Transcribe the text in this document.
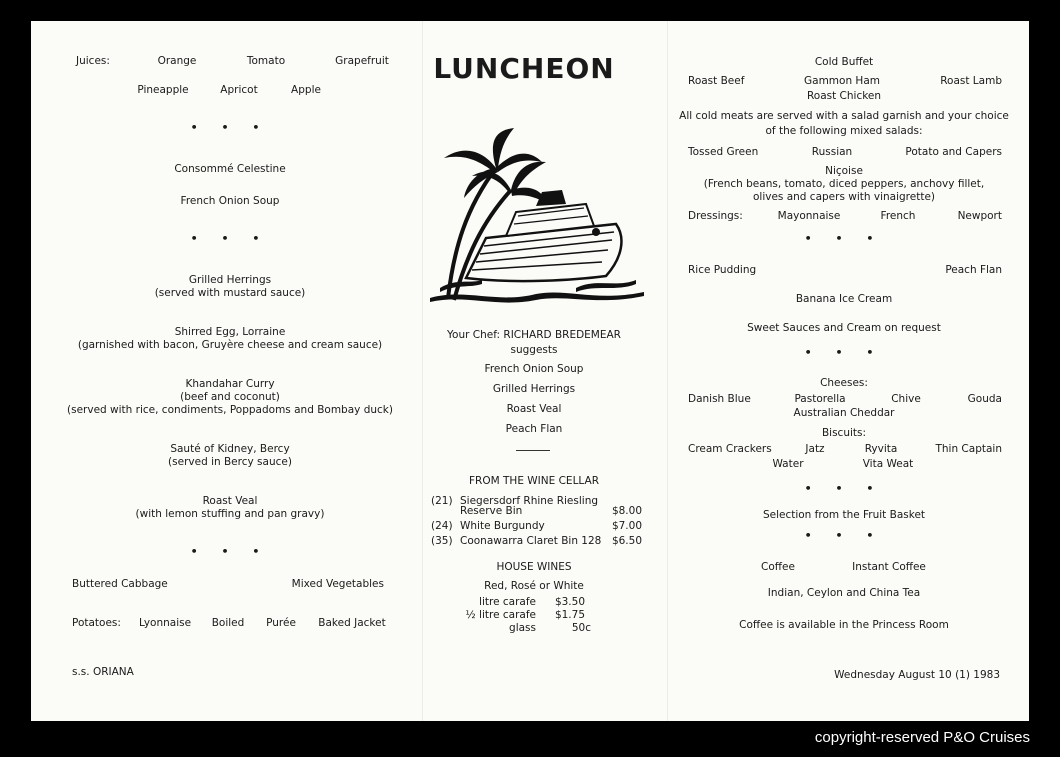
Juices:	Orange	Tomato	Grapefruit
Pineapple	Apricot	Apple
• • •
Consommé Celestine
French Onion Soup
• • •
Grilled Herrings
(served with mustard sauce)
Shirred Egg, Lorraine
(garnished with bacon, Gruyère cheese and cream sauce)
Khandahar Curry
(beef and coconut)
(served with rice, condiments, Poppadoms and Bombay duck)
Sauté of Kidney, Bercy
(served in Bercy sauce)
Roast Veal
(with lemon stuffing and pan gravy)
• • •
Buttered Cabbage	Mixed Vegetables
Potatoes: Lyonnaise Boiled Purée Baked Jacket
s.s. ORIANA
LUNCHEON
Your Chef: RICHARD BREDEMEAR
suggests
French Onion Soup
Grilled Herrings
Roast Veal
Peach Flan
FROM THE WINE CELLAR
(21) Siegersdorf Rhine Riesling
Reserve Bin	$8.00
(24) White Burgundy	$7.00
(35) Coonawarra Claret Bin 128 $6.50
HOUSE WINES
Red, Rosé or White
litre carafe $3.50
½ litre carafe $1.75
glass	50c
Cold Buffet
Roast Beef	Gammon Ham	Roast Lamb
Roast Chicken
All cold meats are served with a salad garnish and your choice
of the following mixed salads:
Tossed Green	Russian	Potato and Capers
Niçoise
(French beans, tomato, diced peppers, anchovy fillet,
olives and capers with vinaigrette)
Dressings:	Mayonnaise	French	Newport
• • •
Rice Pudding	Peach Flan
Banana Ice Cream
Sweet Sauces and Cream on request
• • •
Cheeses:
Danish Blue	Pastorella	Chive	Gouda
Australian Cheddar
Biscuits:
Cream Crackers	Jatz	Ryvita	Thin Captain
Water	Vita Weat
• • •
Selection from the Fruit Basket
• • •
Coffee	Instant Coffee
Indian, Ceylon and China Tea
Coffee is available in the Princess Room
Wednesday August 10 (1) 1983
copyright-reserved P&O Cruises
